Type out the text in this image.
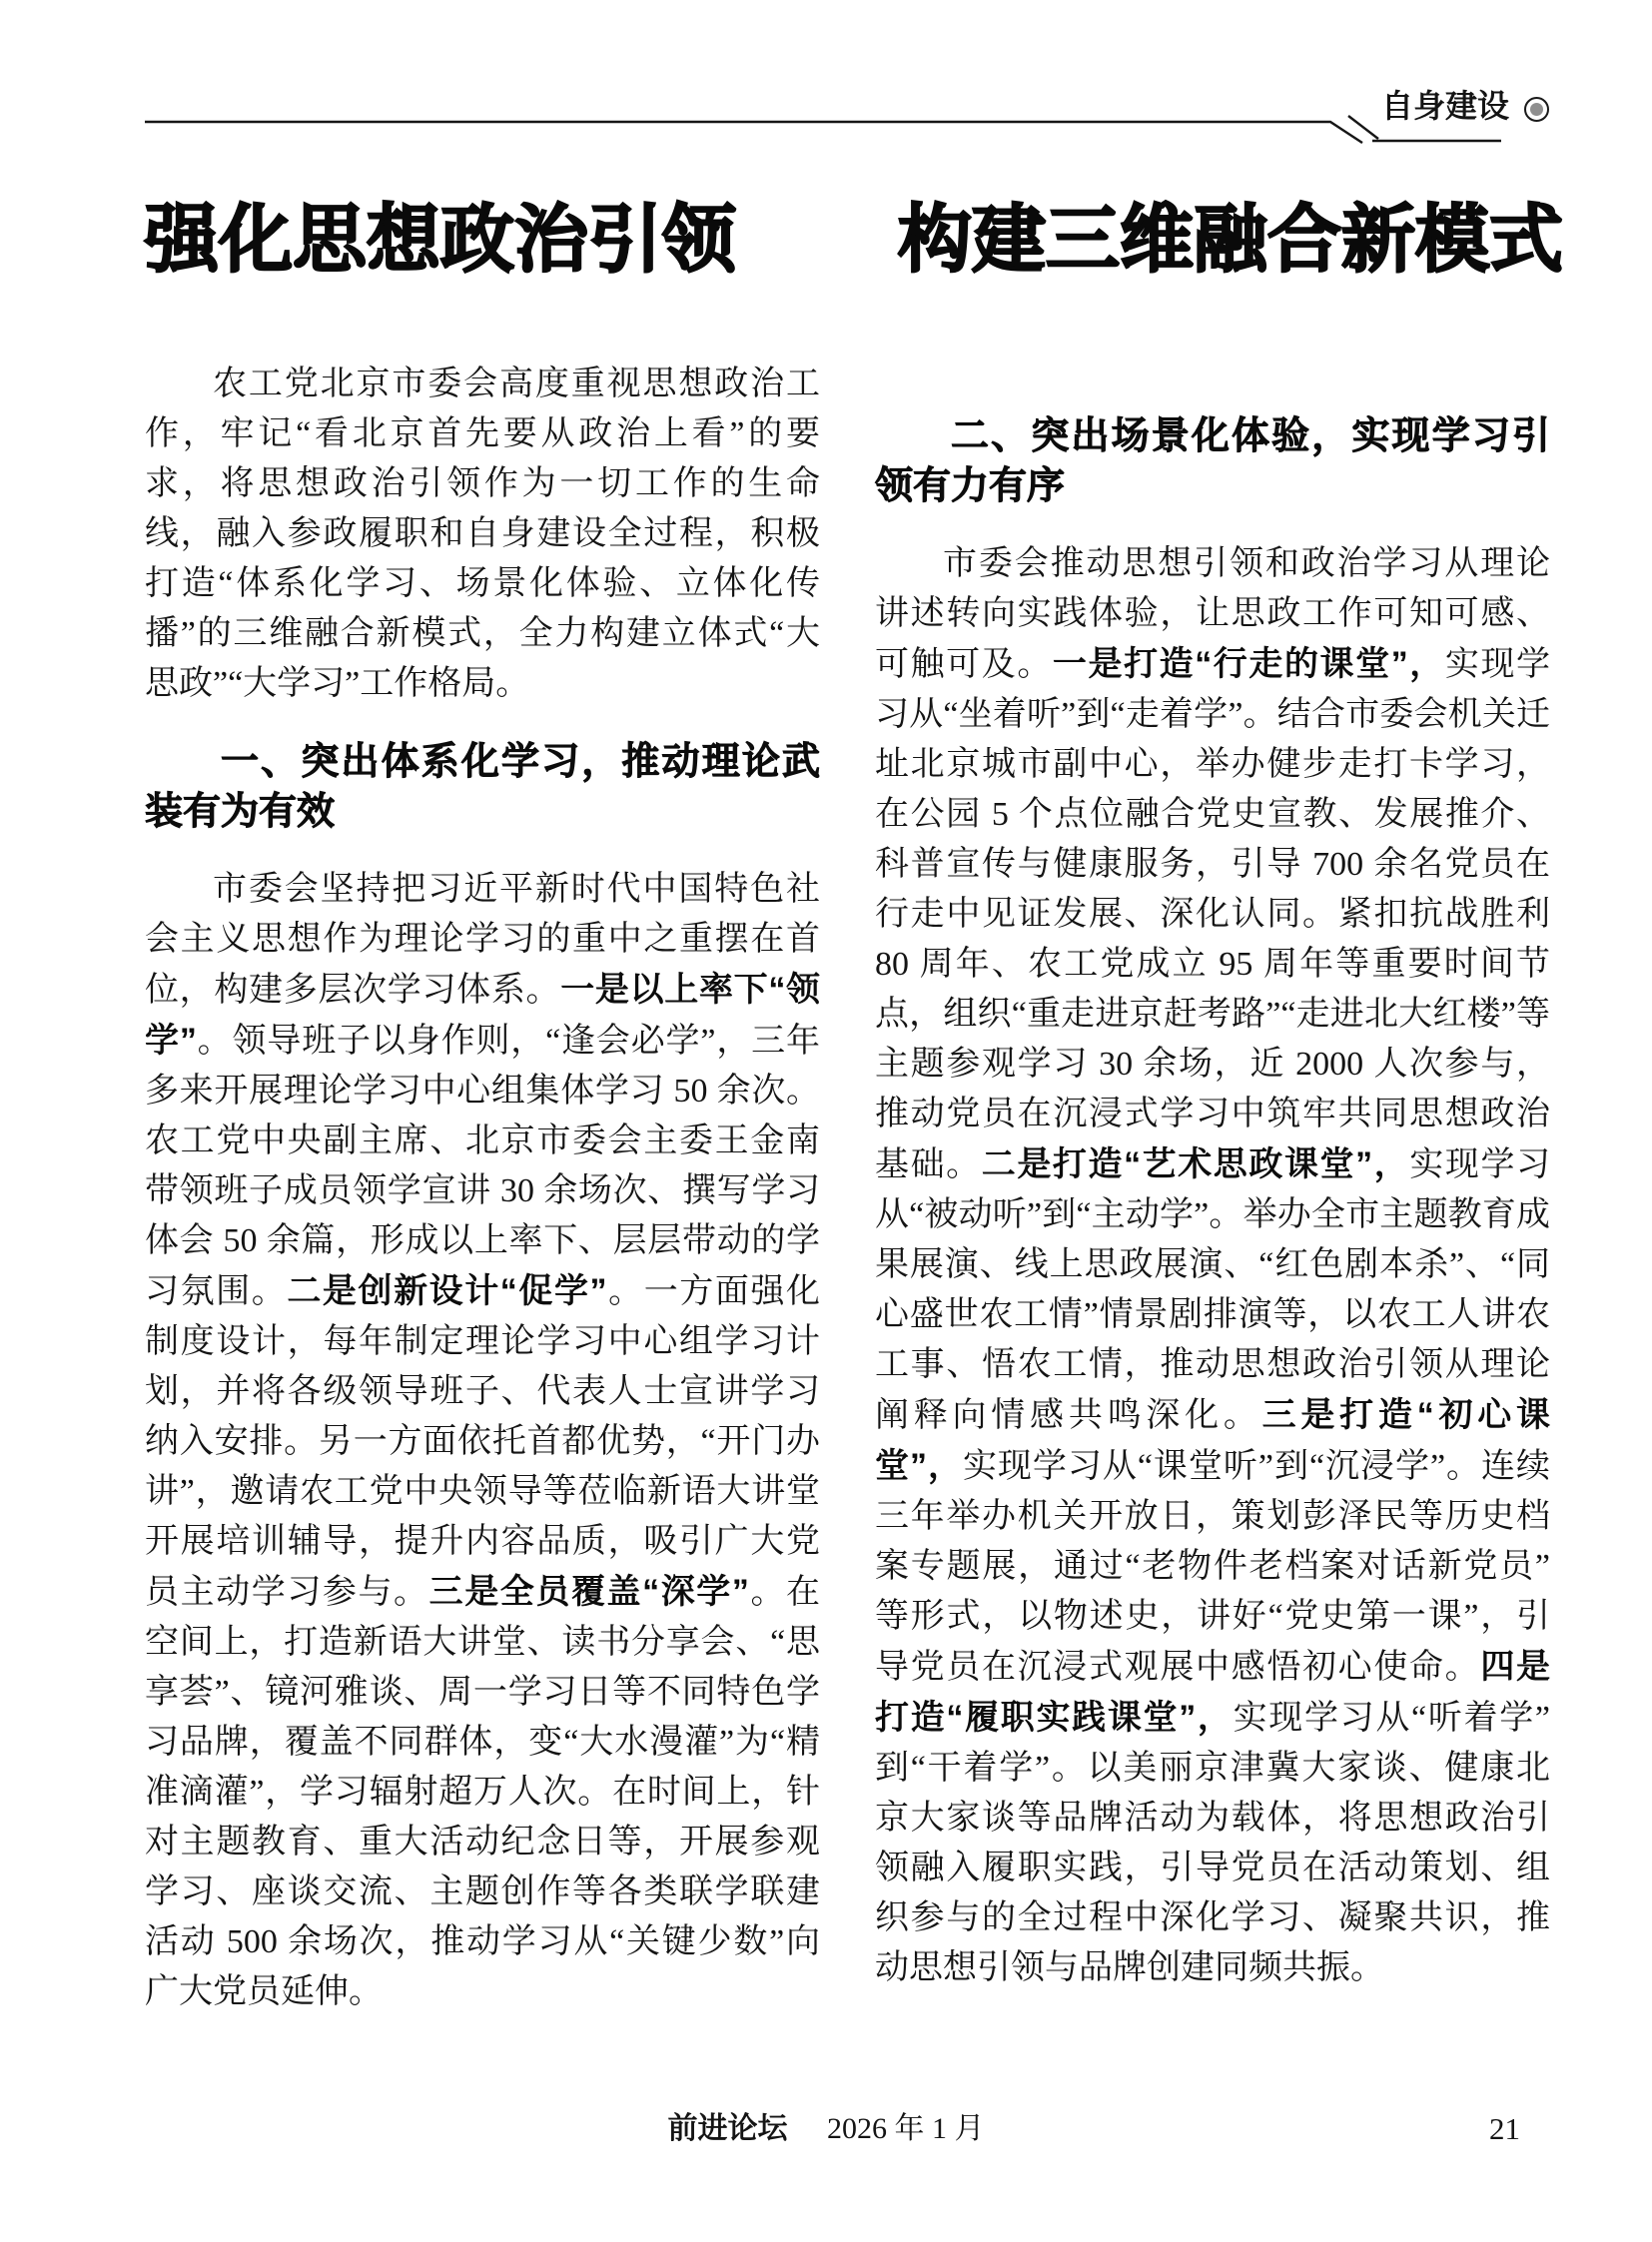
自身建设
强化思想政治引领 构建三维融合新模式

农工党北京市委会高度重视思想政治工作，牢记“看北京首先要从政治上看”的要求，将思想政治引领作为一切工作的生命线，融入参政履职和自身建设全过程，积极打造“体系化学习、场景化体验、立体化传播”的三维融合新模式，全力构建立体式“大思政”“大学习”工作格局。

一、突出体系化学习，推动理论武装有为有效

市委会坚持把习近平新时代中国特色社会主义思想作为理论学习的重中之重摆在首位，构建多层次学习体系。一是以上率下“领学”。领导班子以身作则，“逢会必学”，三年多来开展理论学习中心组集体学习 50 余次。农工党中央副主席、北京市委会主委王金南带领班子成员领学宣讲 30 余场次、撰写学习体会 50 余篇，形成以上率下、层层带动的学习氛围。二是创新设计“促学”。一方面强化制度设计，每年制定理论学习中心组学习计划，并将各级领导班子、代表人士宣讲学习纳入安排。另一方面依托首都优势，“开门办讲”，邀请农工党中央领导等莅临新语大讲堂开展培训辅导，提升内容品质，吸引广大党员主动学习参与。三是全员覆盖“深学”。在空间上，打造新语大讲堂、读书分享会、“思享荟”、镜河雅谈、周一学习日等不同特色学习品牌，覆盖不同群体，变“大水漫灌”为“精准滴灌”，学习辐射超万人次。在时间上，针对主题教育、重大活动纪念日等，开展参观学习、座谈交流、主题创作等各类联学联建活动 500 余场次，推动学习从“关键少数”向广大党员延伸。

二、突出场景化体验，实现学习引领有力有序

市委会推动思想引领和政治学习从理论讲述转向实践体验，让思政工作可知可感、可触可及。一是打造“行走的课堂”，实现学习从“坐着听”到“走着学”。结合市委会机关迁址北京城市副中心，举办健步走打卡学习，在公园 5 个点位融合党史宣教、发展推介、科普宣传与健康服务，引导 700 余名党员在行走中见证发展、深化认同。紧扣抗战胜利 80 周年、农工党成立 95 周年等重要时间节点，组织“重走进京赶考路”“走进北大红楼”等主题参观学习 30 余场，近 2000 人次参与，推动党员在沉浸式学习中筑牢共同思想政治基础。二是打造“艺术思政课堂”，实现学习从“被动听”到“主动学”。举办全市主题教育成果展演、线上思政展演、“红色剧本杀”、“同心盛世农工情”情景剧排演等，以农工人讲农工事、悟农工情，推动思想政治引领从理论阐释向情感共鸣深化。三是打造“初心课堂”，实现学习从“课堂听”到“沉浸学”。连续三年举办机关开放日，策划彭泽民等历史档案专题展，通过“老物件老档案对话新党员”等形式，以物述史，讲好“党史第一课”，引导党员在沉浸式观展中感悟初心使命。四是打造“履职实践课堂”，实现学习从“听着学”到“干着学”。以美丽京津冀大家谈、健康北京大家谈等品牌活动为载体，将思想政治引领融入履职实践，引导党员在活动策划、组织参与的全过程中深化学习、凝聚共识，推动思想引领与品牌创建同频共振。

前进论坛 2026 年 1 月	21
